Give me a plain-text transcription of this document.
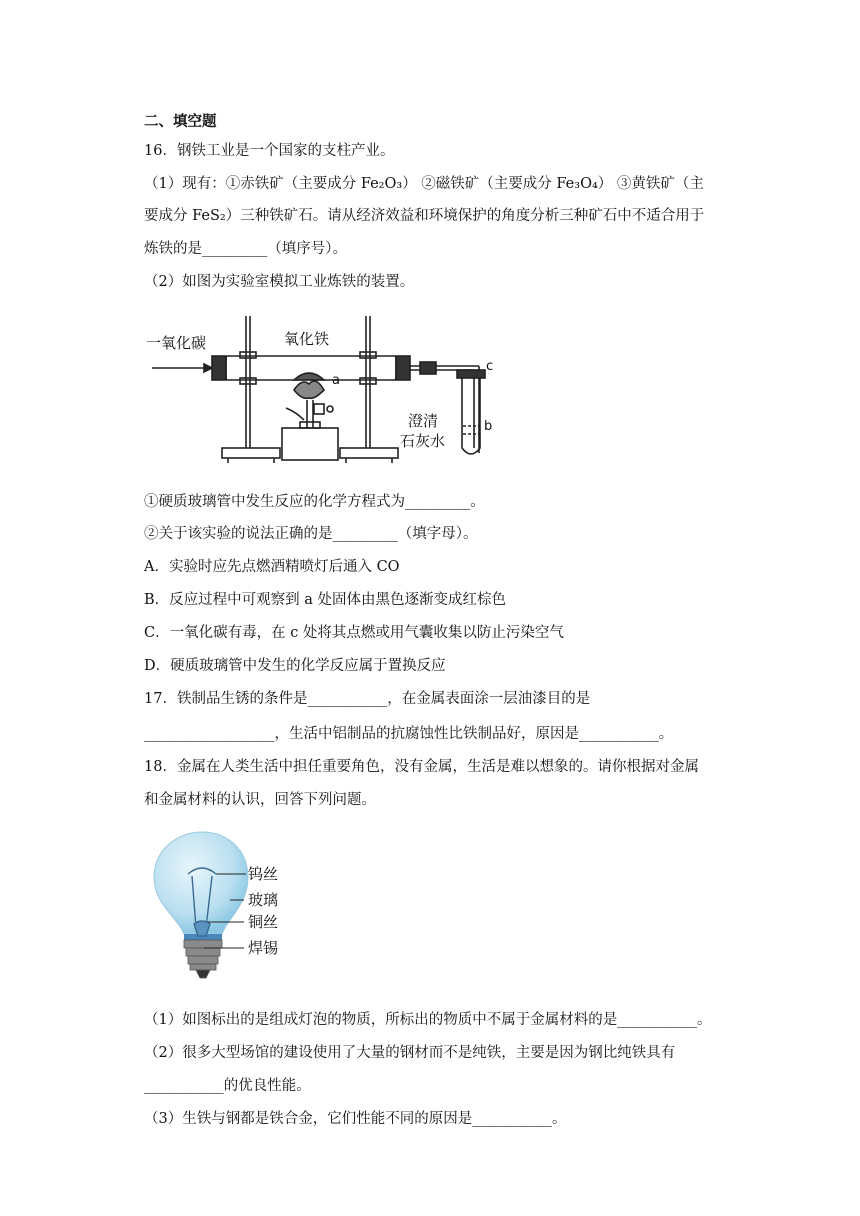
二、填空题
16．钢铁工业是一个国家的支柱产业。
（1）现有：①赤铁矿（主要成分 Fe₂O₃） ②磁铁矿（主要成分 Fe₃O₄） ③黄铁矿（主
要成分 FeS₂）三种铁矿石。请从经济效益和环境保护的角度分析三种矿石中不适合用于
炼铁的是_________（填序号）。
（2）如图为实验室模拟工业炼铁的装置。
一氧化碳	氧化铁
a
b
c
澄清
石灰水
①硬质玻璃管中发生反应的化学方程式为_________。
②关于该实验的说法正确的是_________（填字母）。
A．实验时应先点燃酒精喷灯后通入 CO
B．反应过程中可观察到 a 处固体由黑色逐渐变成红棕色
C．一氧化碳有毒，在 c 处将其点燃或用气囊收集以防止污染空气
D．硬质玻璃管中发生的化学反应属于置换反应
17．铁制品生锈的条件是___________，在金属表面涂一层油漆目的是
__________________，生活中铝制品的抗腐蚀性比铁制品好，原因是___________。
18．金属在人类生活中担任重要角色，没有金属，生活是难以想象的。请你根据对金属
和金属材料的认识，回答下列问题。
钨丝
玻璃
铜丝
焊锡
（1）如图标出的是组成灯泡的物质，所标出的物质中不属于金属材料的是___________。
（2）很多大型场馆的建设使用了大量的钢材而不是纯铁，主要是因为钢比纯铁具有
___________的优良性能。
（3）生铁与钢都是铁合金，它们性能不同的原因是___________。
